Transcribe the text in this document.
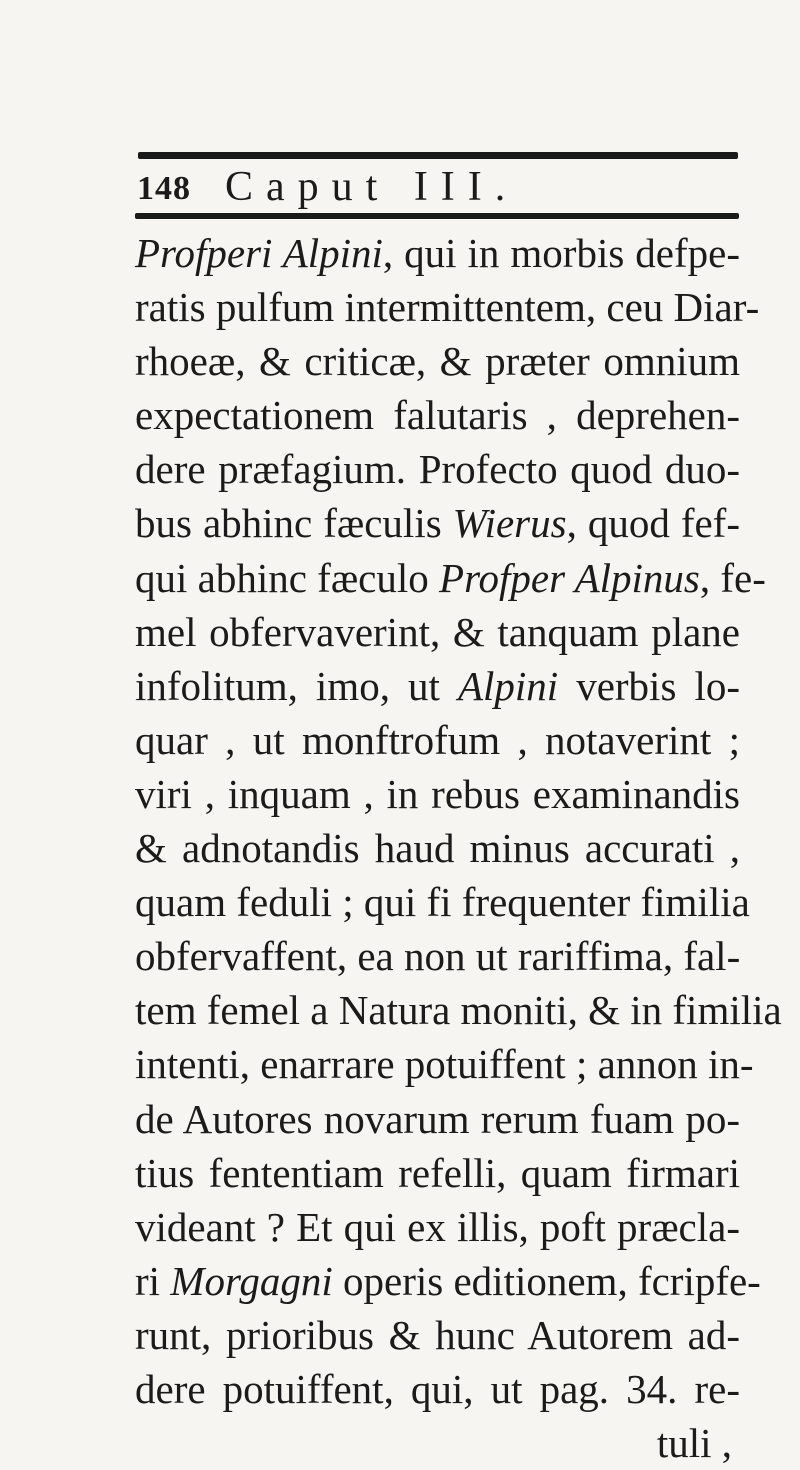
148 Caput III.
Profperi Alpini, qui in morbis defpe-
ratis pulfum intermittentem, ceu Diar-
rhoeæ, & criticæ, & præter omnium
expectationem falutaris , deprehen-
dere præfagium. Profecto quod duo-
bus abhinc fæculis Wierus, quod fef-
qui abhinc fæculo Profper Alpinus, fe-
mel obfervaverint, & tanquam plane
infolitum, imo, ut Alpini verbis lo-
quar , ut monftrofum , notaverint ;
viri , inquam , in rebus examinandis
& adnotandis haud minus accurati ,
quam feduli ; qui fi frequenter fimilia
obfervaffent, ea non ut rariffima, fal-
tem femel a Natura moniti, & in fimilia
intenti, enarrare potuiffent ; annon in-
de Autores novarum rerum fuam po-
tius fententiam refelli, quam firmari
videant ? Et qui ex illis, poft præcla-
ri Morgagni operis editionem, fcripfe-
runt, prioribus & hunc Autorem ad-
dere potuiffent, qui, ut pag. 34. re-
tuli ,
